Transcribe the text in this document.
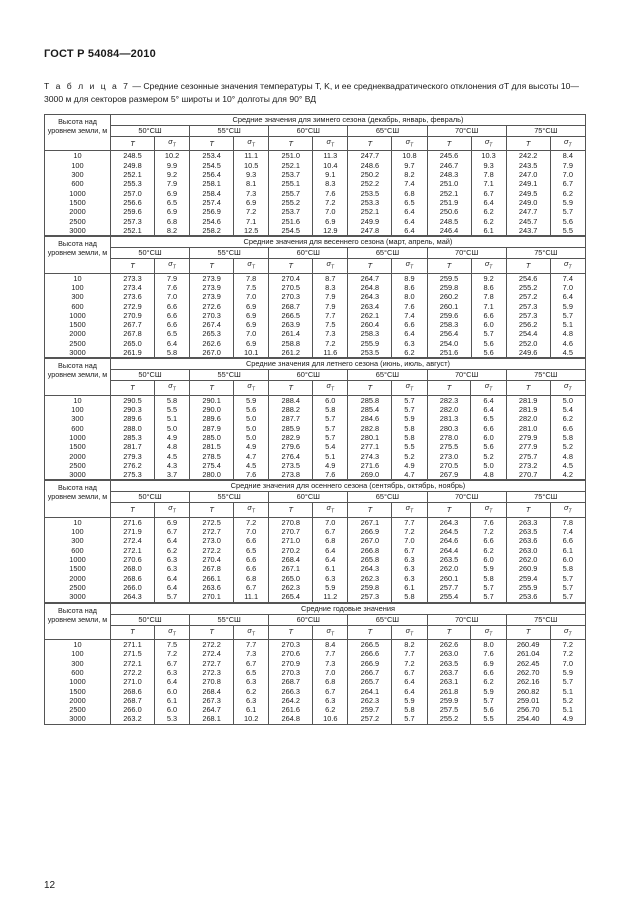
ГОСТ Р 54084—2010
Т а б л и ц а 7 — Средние сезонные значения температуры T, K, и ее среднеквадратического отклонения σT для высоты 10—3000 м для секторов размером 5° широты и 10° долготы для 90° ВД
Высота над уровнем земли, м	Средние значения для зимнего сезона (декабрь, январь, февраль)											
	50°СШ		55°СШ		60°СШ		65°СШ		70°СШ		75°СШ	
	T	$\sigma_T$	T	$\sigma_T$	T	$\sigma_T$	T	$\sigma_T$	T	$\sigma_T$	T	$\sigma_T$
10	248.5	10.2	253.4	11.1	251.0	11.3	247.7	10.8	245.6	10.3	242.2	8.4
100	249.8	9.9	254.5	10.5	252.1	10.4	248.6	9.7	246.7	9.3	243.5	7.9
300	252.1	9.2	256.4	9.3	253.7	9.1	250.2	8.2	248.3	7.8	247.0	7.0
600	255.3	7.9	258.1	8.1	255.1	8.3	252.2	7.4	251.0	7.1	249.1	6.7
1000	257.0	6.9	258.4	7.3	255.7	7.6	253.5	6.8	252.1	6.7	249.5	6.2
1500	256.6	6.5	257.4	6.9	255.2	7.2	253.3	6.5	251.9	6.4	249.0	5.9
2000	259.6	6.9	256.9	7.2	253.7	7.0	252.1	6.4	250.6	6.2	247.7	5.7
2500	257.3	6.8	254.6	7.1	251.6	6.9	249.9	6.4	248.5	6.2	245.7	5.6
3000	252.1	8.2	258.2	12.5	254.5	12.9	247.8	6.4	246.4	6.1	243.7	5.5
Высота над уровнем земли, м	Средние значения для весеннего сезона (март, апрель, май)											
	50°СШ		55°СШ		60°СШ		65°СШ		70°СШ		75°СШ	
	T	$\sigma_T$	T	$\sigma_T$	T	$\sigma_T$	T	$\sigma_T$	T	$\sigma_T$	T	$\sigma_T$
10	273.3	7.9	273.9	7.8	270.4	8.7	264.7	8.9	259.5	9.2	254.6	7.4
100	273.4	7.6	273.9	7.5	270.5	8.3	264.8	8.6	259.8	8.6	255.2	7.0
300	273.6	7.0	273.9	7.0	270.3	7.9	264.3	8.0	260.2	7.8	257.2	6.4
600	272.9	6.6	272.6	6.9	268.7	7.9	263.4	7.6	260.1	7.1	257.3	5.9
1000	270.9	6.6	270.3	6.9	266.5	7.7	262.1	7.4	259.6	6.6	257.3	5.7
1500	267.7	6.6	267.4	6.9	263.9	7.5	260.4	6.6	258.3	6.0	256.2	5.1
2000	267.8	6.5	265.3	7.0	261.4	7.3	258.3	6.4	256.4	5.7	254.4	4.8
2500	265.0	6.4	262.6	6.9	258.8	7.2	255.9	6.3	254.0	5.6	252.0	4.6
3000	261.9	5.8	267.0	10.1	261.2	11.6	253.5	6.2	251.6	5.6	249.6	4.5
Высота над уровнем земли, м	Средние значения для летнего сезона (июнь, июль, август)											
	50°СШ		55°СШ		60°СШ		65°СШ		70°СШ		75°СШ	
	T	$\sigma_T$	T	$\sigma_T$	T	$\sigma_T$	T	$\sigma_T$	T	$\sigma_T$	T	$\sigma_T$
10	290.5	5.8	290.1	5.9	288.4	6.0	285.8	5.7	282.3	6.4	281.9	5.0
100	290.3	5.5	290.0	5.6	288.2	5.8	285.4	5.7	282.0	6.4	281.9	5.4
300	289.6	5.1	289.6	5.0	287.7	5.7	284.6	5.9	281.3	6.5	282.0	6.2
600	288.0	5.0	287.9	5.0	285.9	5.7	282.8	5.8	280.3	6.6	281.0	6.6
1000	285.3	4.9	285.0	5.0	282.9	5.7	280.1	5.8	278.0	6.0	279.9	5.8
1500	281.7	4.8	281.5	4.9	279.6	5.4	277.1	5.5	275.5	5.6	277.9	5.2
2000	279.3	4.5	278.5	4.7	276.4	5.1	274.3	5.2	273.0	5.2	275.7	4.8
2500	276.2	4.3	275.4	4.5	273.5	4.9	271.6	4.9	270.5	5.0	273.2	4.5
3000	275.3	3.7	280.0	7.6	273.8	7.6	269.0	4.7	267.9	4.8	270.7	4.2
Высота над уровнем земли, м	Средние значения для осеннего сезона (сентябрь, октябрь, ноябрь)											
	50°СШ		55°СШ		60°СШ		65°СШ		70°СШ		75°СШ	
	T	$\sigma_T$	T	$\sigma_T$	T	$\sigma_T$	T	$\sigma_T$	T	$\sigma_T$	T	$\sigma_T$
10	271.6	6.9	272.5	7.2	270.8	7.0	267.1	7.7	264.3	7.6	263.3	7.8
100	271.9	6.7	272.7	7.0	270.7	6.7	266.9	7.2	264.5	7.2	263.5	7.4
300	272.4	6.4	273.0	6.6	271.0	6.8	267.0	7.0	264.6	6.6	263.6	6.6
600	272.1	6.2	272.2	6.5	270.2	6.4	266.8	6.7	264.4	6.2	263.0	6.1
1000	270.6	6.3	270.4	6.6	268.4	6.4	265.8	6.3	263.5	6.0	262.0	6.0
1500	268.0	6.3	267.8	6.6	267.1	6.1	264.3	6.3	262.0	5.9	260.9	5.8
2000	268.6	6.4	266.1	6.8	265.0	6.3	262.3	6.3	260.1	5.8	259.4	5.7
2500	266.0	6.4	263.6	6.7	262.3	5.9	259.8	6.1	257.7	5.7	255.9	5.7
3000	264.3	5.7	270.1	11.1	265.4	11.2	257.3	5.8	255.4	5.7	253.6	5.7
Высота над уровнем земли, м	Средние годовые значения											
	50°СШ		55°СШ		60°СШ		65°СШ		70°СШ		75°СШ	
	T	$\sigma_T$	T	$\sigma_T$	T	$\sigma_T$	T	$\sigma_T$	T	$\sigma_T$	T	$\sigma_T$
10	271.1	7.5	272.2	7.7	270.3	8.4	266.5	8.2	262.6	8.0	260.49	7.2
100	271.5	7.2	272.4	7.3	270.6	7.7	266.6	7.7	263.0	7.6	261.04	7.2
300	272.1	6.7	272.7	6.7	270.9	7.3	266.9	7.2	263.5	6.9	262.45	7.0
600	272.2	6.3	272.3	6.5	270.3	7.0	266.7	6.7	263.7	6.6	262.70	5.9
1000	271.0	6.4	270.8	6.3	268.7	6.8	265.7	6.4	263.1	6.2	262.16	5.7
1500	268.6	6.0	268.4	6.2	266.3	6.7	264.1	6.4	261.8	5.9	260.82	5.1
2000	268.7	6.1	267.3	6.3	264.2	6.3	262.3	5.9	259.9	5.7	259.01	5.2
2500	266.0	6.0	264.7	6.1	261.6	6.2	259.7	5.8	257.5	5.6	256.70	5.1
3000	263.2	5.3	268.1	10.2	264.8	10.6	257.2	5.7	255.2	5.5	254.40	4.9
12
